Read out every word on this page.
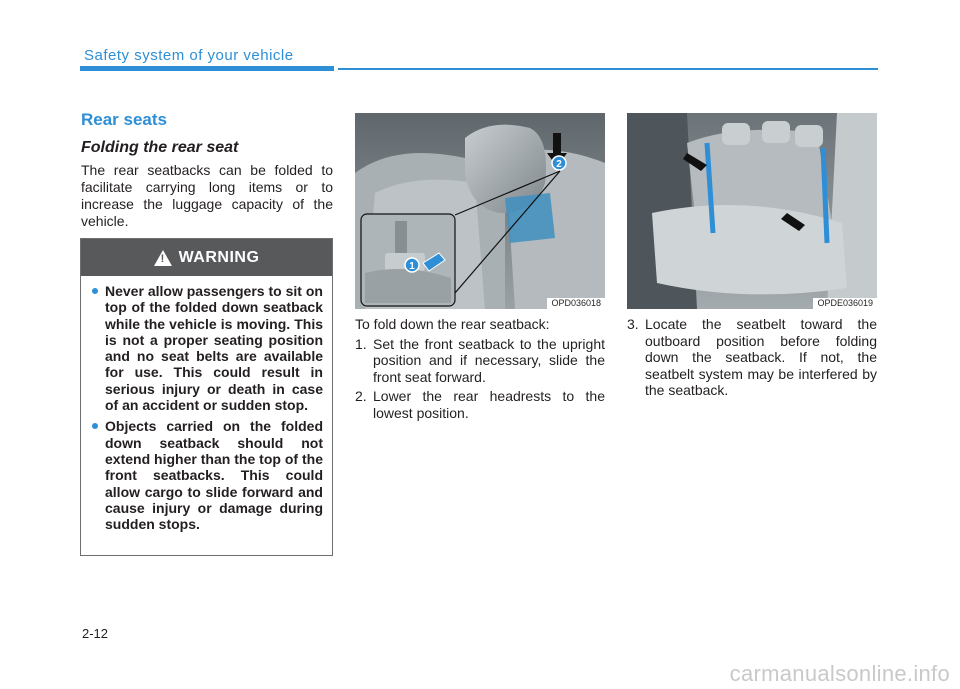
Safety system of your vehicle
Rear seats
Folding the rear seat
The rear seatbacks can be folded to facilitate carrying long items or to increase the luggage capacity of the vehicle.
! WARNING
Never allow passengers to sit on top of the folded down seatback while the vehicle is moving. This is not a proper seating position and no seat belts are available for use. This could result in serious injury or death in case of an accident or sudden stop.
Objects carried on the folded down seatback should not extend higher than the top of the front seatbacks. This could allow cargo to slide forward and cause injury or damage during sudden stops.
2
1
OPD036018	OPDE036019
To fold down the rear seatback:
1. Set the front seatback to the upright position and if necessary, slide the front seat forward.
2. Lower the rear headrests to the lowest position.
3. Locate the seatbelt toward the outboard position before folding down the seatback. If not, the seatbelt system may be interfered by the seatback.
2-12
carmanualsonline.info
